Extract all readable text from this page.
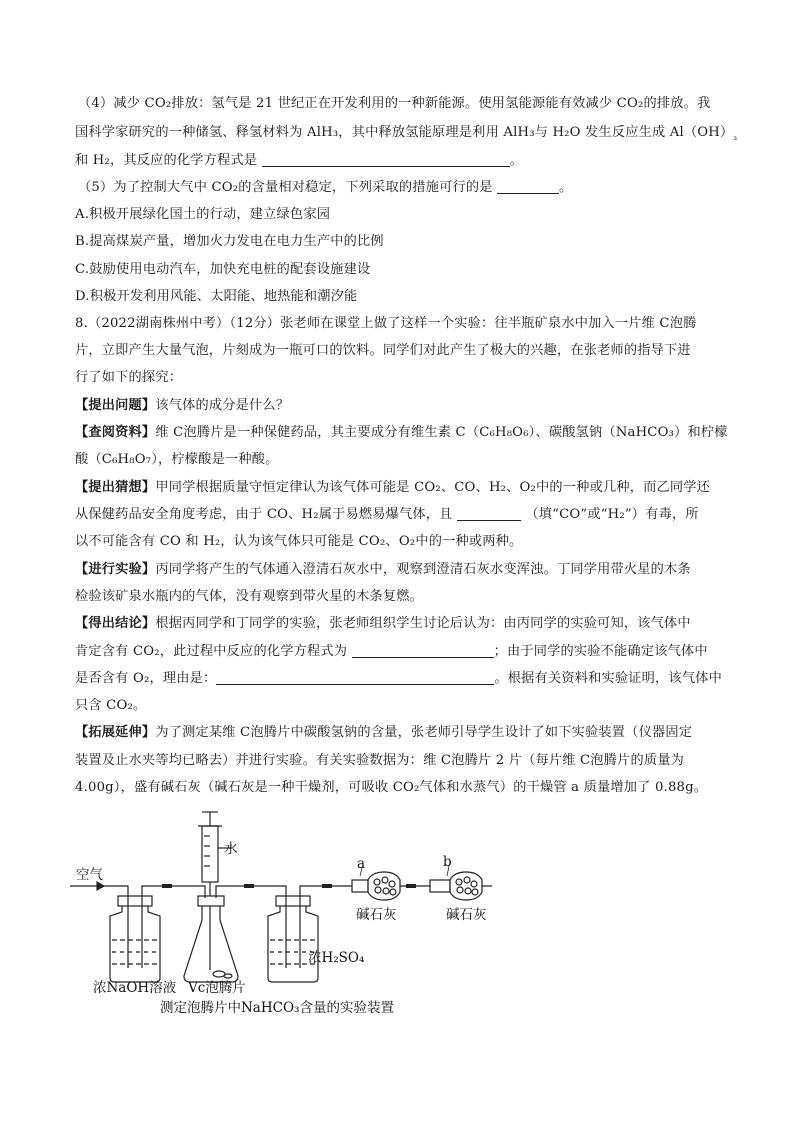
（4）减少 CO₂排放：氢气是 21 世纪正在开发利用的一种新能源。使用氢能源能有效减少 CO₂的排放。我
国科学家研究的一种储氢、释氢材料为 AlH₃，其中释放氢能原理是利用 AlH₃与 H₂O 发生反应生成 $Al(OH)_{_3}$
和 H₂，其反应的化学方程式是	。
（5）为了控制大气中 CO₂的含量相对稳定，下列采取的措施可行的是	。
A.积极开展绿化国土的行动，建立绿色家园
B.提高煤炭产量，增加火力发电在电力生产中的比例
C.鼓励使用电动汽车，加快充电桩的配套设施建设
D.积极开发利用风能、太阳能、地热能和潮汐能
8.（2022湖南株州中考）（12分）张老师在课堂上做了这样一个实验：往半瓶矿泉水中加入一片维 C泡腾
片，立即产生大量气泡，片刻成为一瓶可口的饮料。同学们对此产生了极大的兴趣，在张老师的指导下进
行了如下的探究：
【提出问题】该气体的成分是什么？
【查阅资料】维 C泡腾片是一种保健药品，其主要成分有维生素 C（C₆H₈O₆）、碳酸氢钠（NaHCO₃）和柠檬
酸（C₆H₈O₇），柠檬酸是一种酸。
【提出猜想】甲同学根据质量守恒定律认为该气体可能是 CO₂、CO、H₂、O₂中的一种或几种，而乙同学还
从保健药品安全角度考虑，由于 CO、H₂属于易燃易爆气体，且	（填“CO”或“H₂”）有毒，所
以不可能含有 CO 和 H₂，认为该气体只可能是 CO₂、O₂中的一种或两种。
【进行实验】丙同学将产生的气体通入澄清石灰水中，观察到澄清石灰水变浑浊。丁同学用带火星的木条
检验该矿泉水瓶内的气体，没有观察到带火星的木条复燃。
【得出结论】根据丙同学和丁同学的实验，张老师组织学生讨论后认为：由丙同学的实验可知，该气体中
肯定含有 CO₂，此过程中反应的化学方程式为	；由于同学的实验不能确定该气体中
是否含有 O₂，理由是：	。根据有关资料和实验证明，该气体中
只含 CO₂。
【拓展延伸】为了测定某维 C泡腾片中碳酸氢钠的含量，张老师引导学生设计了如下实验装置（仪器固定
装置及止水夹等均已略去）并进行实验。有关实验数据为：维 C泡腾片 2 片（每片维 C泡腾片的质量为
4.00g），盛有碱石灰（碱石灰是一种干燥剂，可吸收 CO₂气体和水蒸气）的干燥管 a 质量增加了 0.88g。
空气
水
a	b
碱石灰	碱石灰
浓H₂SO₄
浓NaOH溶液 Vc泡腾片
测定泡腾片中NaHCO₃含量的实验装置
